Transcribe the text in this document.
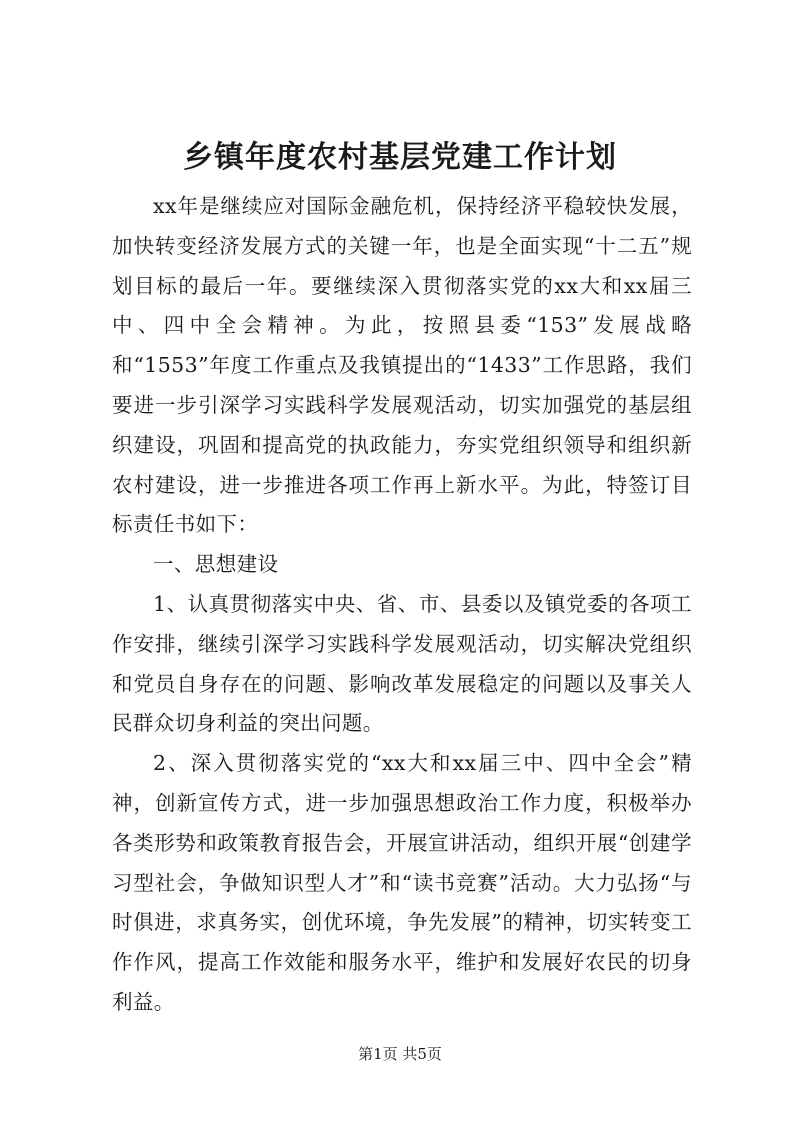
乡镇年度农村基层党建工作计划

xx年是继续应对国际金融危机，保持经济平稳较快发展，加快转变经济发展方式的关键一年，也是全面实现“十二五”规划目标的最后一年。要继续深入贯彻落实党的xx大和xx届三中、四中全会精神。为此，按照县委“153”发展战略和“1553”年度工作重点及我镇提出的“1433”工作思路，我们要进一步引深学习实践科学发展观活动，切实加强党的基层组织建设，巩固和提高党的执政能力，夯实党组织领导和组织新农村建设，进一步推进各项工作再上新水平。为此，特签订目标责任书如下：

一、思想建设

1、认真贯彻落实中央、省、市、县委以及镇党委的各项工作安排，继续引深学习实践科学发展观活动，切实解决党组织和党员自身存在的问题、影响改革发展稳定的问题以及事关人民群众切身利益的突出问题。

2、深入贯彻落实党的“xx大和xx届三中、四中全会”精神，创新宣传方式，进一步加强思想政治工作力度，积极举办各类形势和政策教育报告会，开展宣讲活动，组织开展“创建学习型社会，争做知识型人才”和“读书竞赛”活动。大力弘扬“与时俱进，求真务实，创优环境，争先发展”的精神，切实转变工作作风，提高工作效能和服务水平，维护和发展好农民的切身利益。

第1页 共5页
